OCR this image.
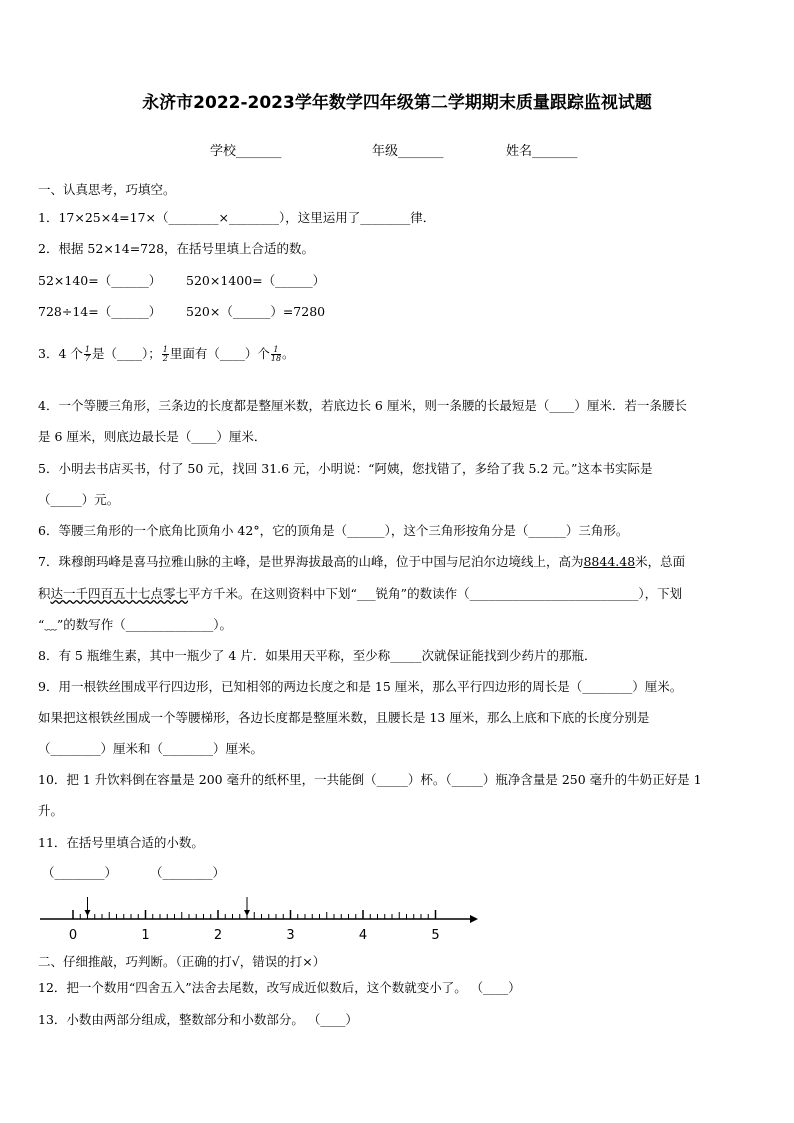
永济市2022-2023学年数学四年级第二学期期末质量跟踪监视试题
学校_______	年级_______	姓名_______
一、认真思考，巧填空。
1．17×25×4=17×（________×________），这里运用了________律．
2．根据 52×14=728，在括号里填上合适的数。
52×140=（______） 520×1400=（______）
728÷14=（______） 520×（______）=7280
3．4 个 $\frac{1}{7}$ 是（____）； $\frac{1}{2}$ 里面有（____）个 $\frac{1}{18}$ 。
4．一个等腰三角形，三条边的长度都是整厘米数，若底边长 6 厘米，则一条腰的长最短是（____）厘米．若一条腰长
是 6 厘米，则底边最长是（____）厘米．
5．小明去书店买书，付了 50 元，找回 31.6 元，小明说：“阿姨，您找错了，多给了我 5.2 元。”这本书实际是
（_____）元。
6．等腰三角形的一个底角比顶角小 42°，它的顶角是（______），这个三角形按角分是（______）三角形。
7．珠穆朗玛峰是喜马拉雅山脉的主峰，是世界海拔最高的山峰，位于中国与尼泊尔边境线上，高为8844.48米，总面
积达一千四百五十七点零七平方千米。在这则资料中下划“___锐角”的数读作（___________________________），下划
“﹏”的数写作（______________）。
8．有 5 瓶维生素，其中一瓶少了 4 片．如果用天平称，至少称_____次就保证能找到少药片的那瓶．
9．用一根铁丝围成平行四边形，已知相邻的两边长度之和是 15 厘米，那么平行四边形的周长是（________）厘米。
如果把这根铁丝围成一个等腰梯形，各边长度都是整厘米数，且腰长是 13 厘米，那么上底和下底的长度分别是
（________）厘米和（________）厘米。
10．把 1 升饮料倒在容量是 200 毫升的纸杯里，一共能倒（_____）杯。（_____）瓶净含量是 250 毫升的牛奶正好是 1
升。
11．在括号里填合适的小数。
（________）	（________）
0	1	2	3	4	5
二、仔细推敲，巧判断。（正确的打√，错误的打×）
12．把一个数用“四舍五入”法舍去尾数，改写成近似数后，这个数就变小了。 （____）
13．小数由两部分组成，整数部分和小数部分。 （____）
